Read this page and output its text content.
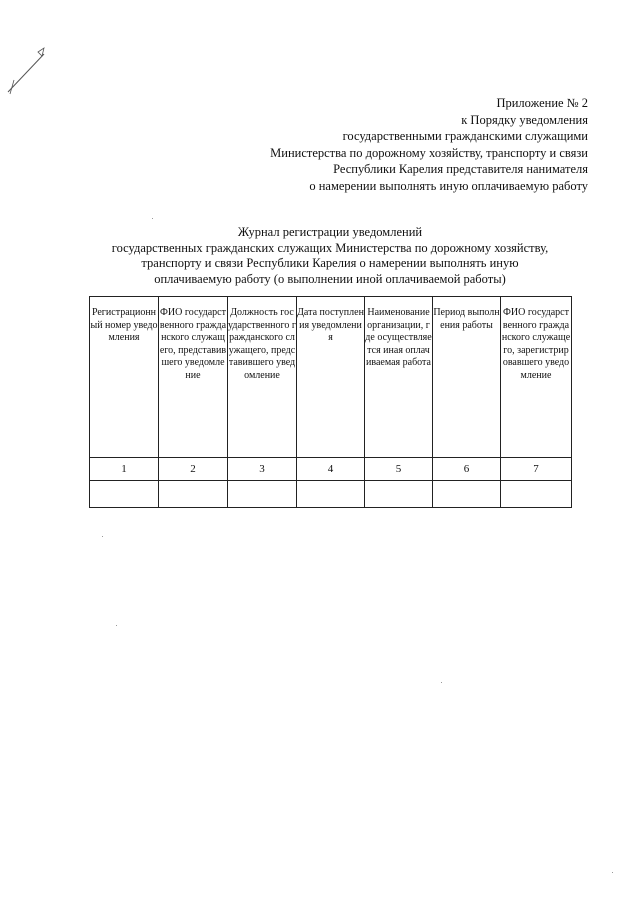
Приложение № 2
к Порядку уведомления
государственными гражданскими служащими
Министерства по дорожному хозяйству, транспорту и связи
Республики Карелия представителя нанимателя
о намерении выполнять иную оплачиваемую работу
Журнал регистрации уведомлений
государственных гражданских служащих Министерства по дорожному хозяйству,
транспорту и связи Республики Карелия о намерении выполнять иную
оплачиваемую работу (о выполнении иной оплачиваемой работы)
Регистрационный номер уведомления	ФИО государственного гражданского служащего, представившего уведомление	Должность государственного гражданского служащего, представившего уведомление	Дата поступления уведомления	Наименование организации, где осуществляется иная оплачиваемая работа	Период выполнения работы	ФИО государственного гражданского служащего, зарегистрировавшего уведомление
1	2	3	4	5	6	7
